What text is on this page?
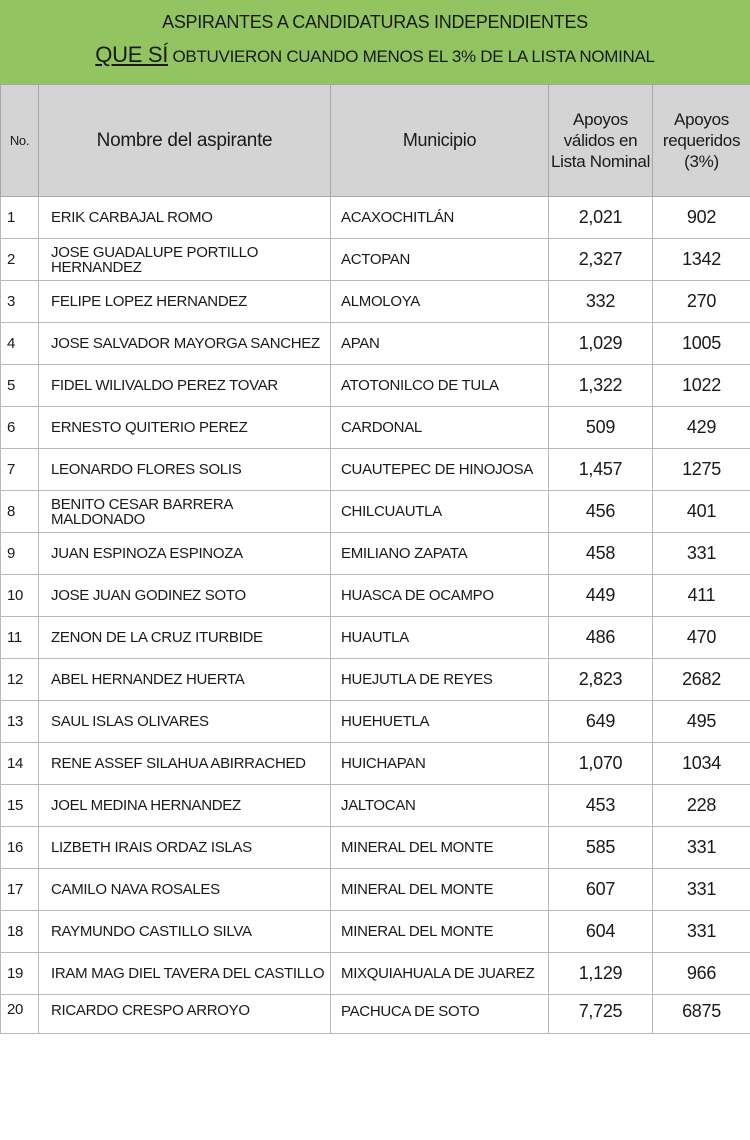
ASPIRANTES A CANDIDATURAS INDEPENDIENTES
QUE SÍ OBTUVIERON CUANDO MENOS EL 3% DE LA LISTA NOMINAL
No.	Nombre del aspirante	Municipio	Apoyos válidos en Lista Nominal	Apoyos requeridos (3%)
1	ERIK CARBAJAL ROMO	ACAXOCHITLÁN	2,021	902
2	JOSE GUADALUPE PORTILLO HERNANDEZ	ACTOPAN	2,327	1342
3	FELIPE LOPEZ HERNANDEZ	ALMOLOYA	332	270
4	JOSE SALVADOR MAYORGA SANCHEZ	APAN	1,029	1005
5	FIDEL WILIVALDO PEREZ TOVAR	ATOTONILCO DE TULA	1,322	1022
6	ERNESTO QUITERIO PEREZ	CARDONAL	509	429
7	LEONARDO FLORES SOLIS	CUAUTEPEC DE HINOJOSA	1,457	1275
8	BENITO CESAR BARRERA MALDONADO	CHILCUAUTLA	456	401
9	JUAN ESPINOZA ESPINOZA	EMILIANO ZAPATA	458	331
10	JOSE JUAN GODINEZ SOTO	HUASCA DE OCAMPO	449	411
11	ZENON DE LA CRUZ ITURBIDE	HUAUTLA	486	470
12	ABEL HERNANDEZ HUERTA	HUEJUTLA DE REYES	2,823	2682
13	SAUL ISLAS OLIVARES	HUEHUETLA	649	495
14	RENE ASSEF SILAHUA ABIRRACHED	HUICHAPAN	1,070	1034
15	JOEL MEDINA HERNANDEZ	JALTOCAN	453	228
16	LIZBETH IRAIS ORDAZ ISLAS	MINERAL DEL MONTE	585	331
17	CAMILO NAVA ROSALES	MINERAL DEL MONTE	607	331
18	RAYMUNDO CASTILLO SILVA	MINERAL DEL MONTE	604	331
19	IRAM MAG DIEL TAVERA DEL CASTILLO	MIXQUIAHUALA DE JUAREZ	1,129	966
20	RICARDO CRESPO ARROYO	PACHUCA DE SOTO	7,725	6875
